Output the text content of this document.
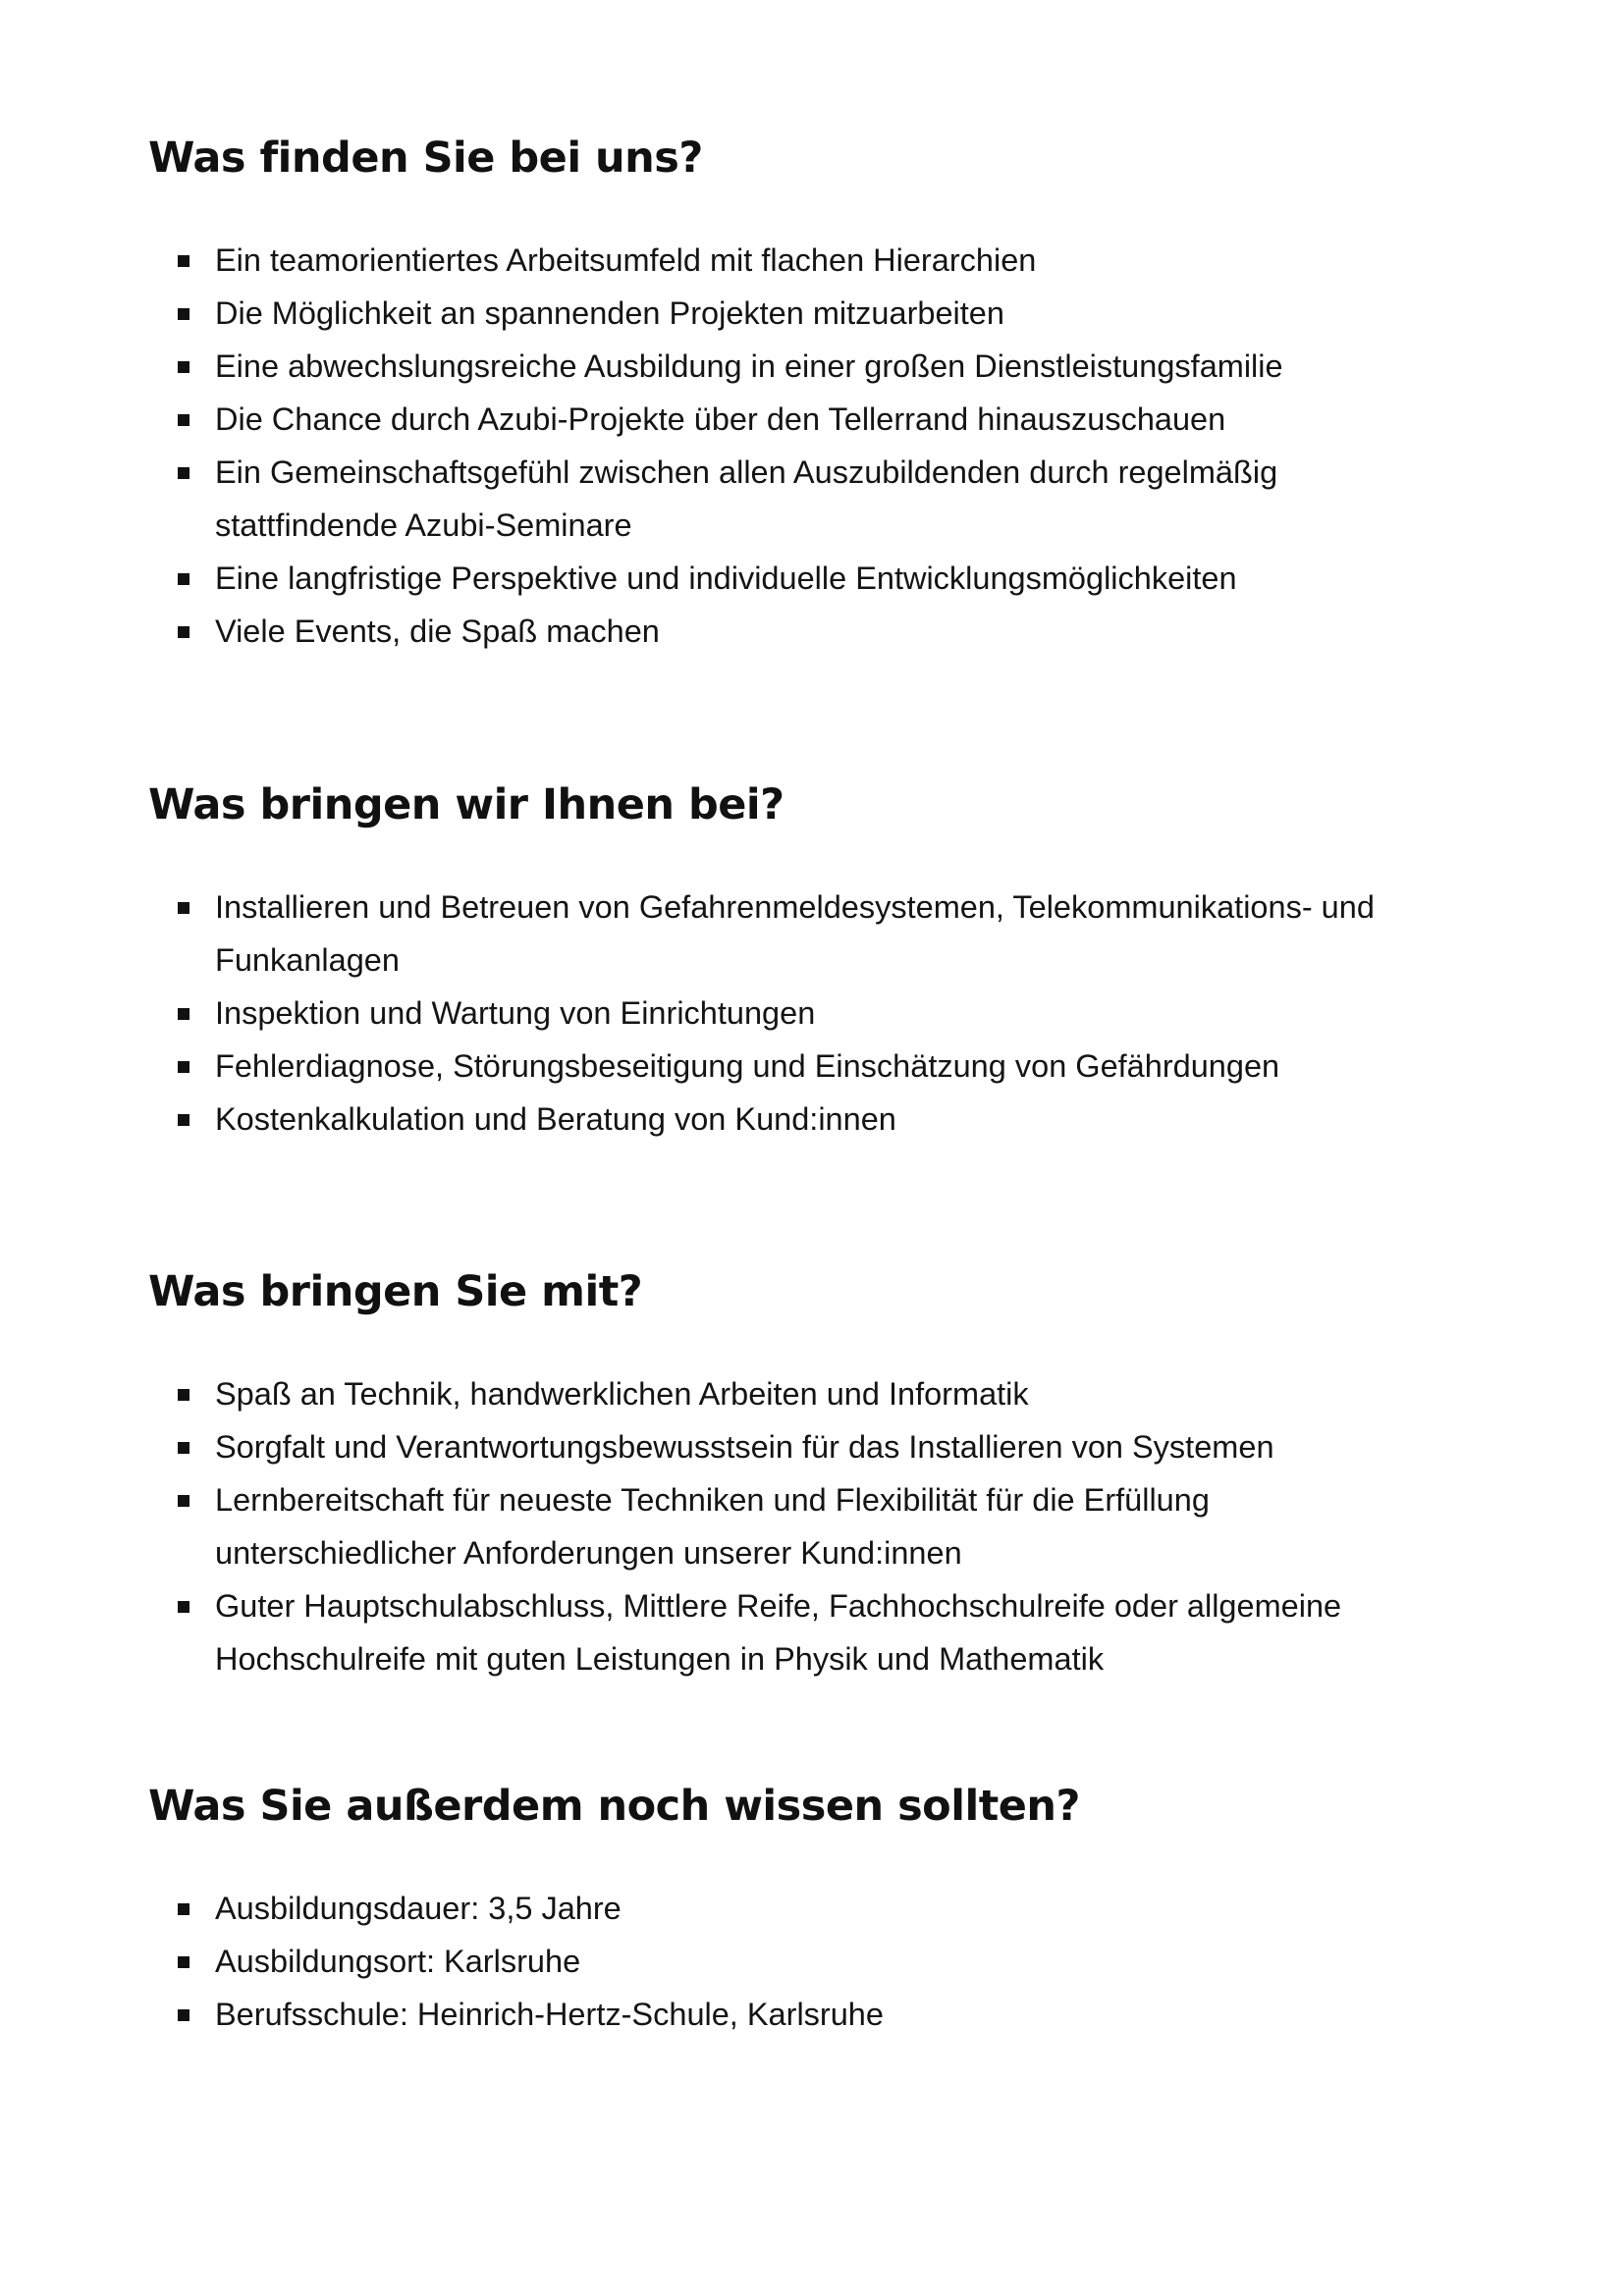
Was finden Sie bei uns?
Ein teamorientiertes Arbeitsumfeld mit flachen Hierarchien
Die Möglichkeit an spannenden Projekten mitzuarbeiten
Eine abwechslungsreiche Ausbildung in einer großen Dienstleistungsfamilie
Die Chance durch Azubi-Projekte über den Tellerrand hinauszuschauen
Ein Gemeinschaftsgefühl zwischen allen Auszubildenden durch regelmäßig
stattfindende Azubi-Seminare
Eine langfristige Perspektive und individuelle Entwicklungsmöglichkeiten
Viele Events, die Spaß machen
Was bringen wir Ihnen bei?
Installieren und Betreuen von Gefahrenmeldesystemen, Telekommunikations- und
Funkanlagen
Inspektion und Wartung von Einrichtungen
Fehlerdiagnose, Störungsbeseitigung und Einschätzung von Gefährdungen
Kostenkalkulation und Beratung von Kund:innen
Was bringen Sie mit?
Spaß an Technik, handwerklichen Arbeiten und Informatik
Sorgfalt und Verantwortungsbewusstsein für das Installieren von Systemen
Lernbereitschaft für neueste Techniken und Flexibilität für die Erfüllung
unterschiedlicher Anforderungen unserer Kund:innen
Guter Hauptschulabschluss, Mittlere Reife, Fachhochschulreife oder allgemeine
Hochschulreife mit guten Leistungen in Physik und Mathematik
Was Sie außerdem noch wissen sollten?
Ausbildungsdauer: 3,5 Jahre
Ausbildungsort: Karlsruhe
Berufsschule: Heinrich-Hertz-Schule, Karlsruhe
